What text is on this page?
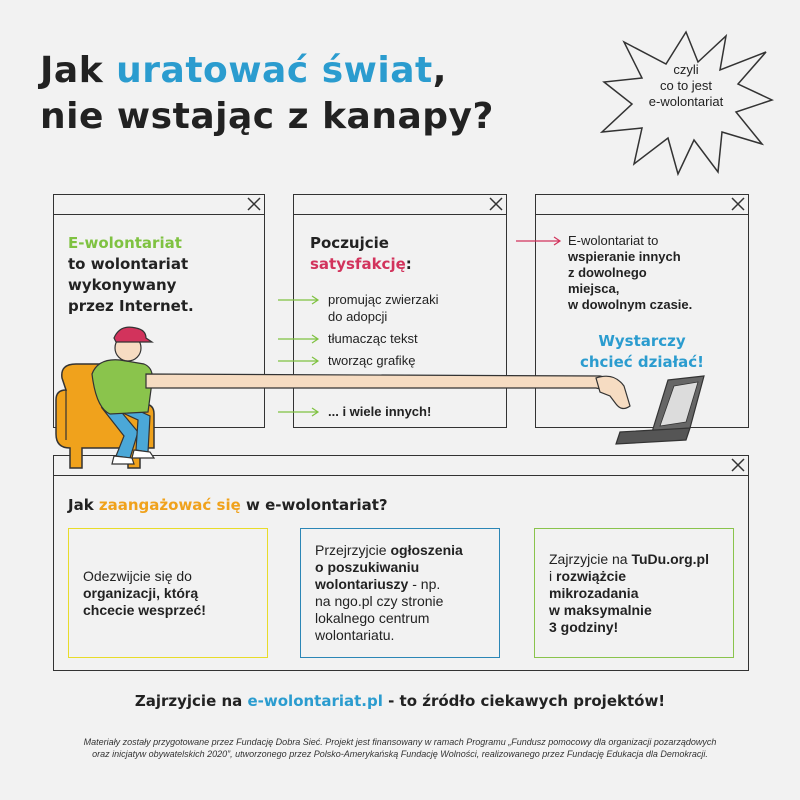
Jak uratować świat,
nie wstając z kanapy?
czyli
co to jest
e-wolontariat
E-wolontariat
to wolontariat
wykonywany
przez Internet.
Poczujcie
satysfakcję:
promując zwierzaki
do adopcji
tłumacząc tekst
tworząc grafikę
... i wiele innych!
E-wolontariat to
wspieranie innych
z dowolnego
miejsca,
w dowolnym czasie.
Wystarczy
chcieć działać!
Jak zaangażować się w e-wolontariat?
Odezwijcie się do
organizacji, którą
chcecie wesprzeć!
Przejrzyjcie ogłoszenia
o poszukiwaniu
wolontariuszy - np.
na ngo.pl czy stronie
lokalnego centrum
wolontariatu.
Zajrzyjcie na TuDu.org.pl
i rozwiążcie
mikrozadania
w maksymalnie
3 godziny!
Zajrzyjcie na e-wolontariat.pl - to źródło ciekawych projektów!
Materiały zostały przygotowane przez Fundację Dobra Sieć. Projekt jest finansowany w ramach Programu „Fundusz pomocowy dla organizacji pozarządowych
oraz inicjatyw obywatelskich 2020”, utworzonego przez Polsko-Amerykańską Fundację Wolności, realizowanego przez Fundację Edukacja dla Demokracji.
